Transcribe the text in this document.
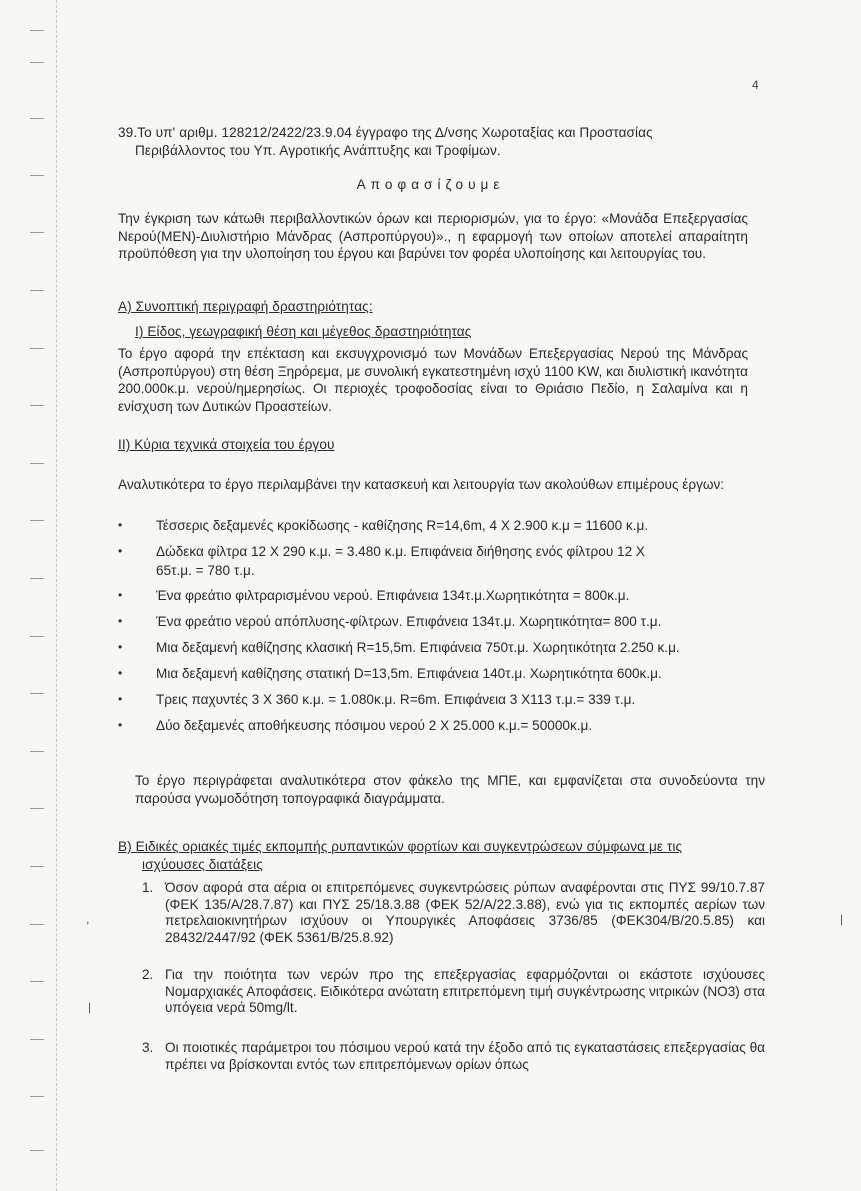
4
39.Το υπ' αριθμ. 128212/2422/23.9.04 έγγραφο της Δ/νσης Χωροταξίας και Προστασίας
Περιβάλλοντος του Υπ. Αγροτικής Ανάπτυξης και Τροφίμων.
Αποφασίζουμε
Την έγκριση των κάτωθι περιβαλλοντικών όρων και περιορισμών, για το έργο: «Μονάδα Επεξεργασίας Νερού(ΜΕΝ)-Διυλιστήριο Μάνδρας (Ασπροπύργου)»., η εφαρμογή των οποίων αποτελεί απαραίτητη προϋπόθεση για την υλοποίηση του έργου και βαρύνει τον φορέα υλοποίησης και λειτουργίας του.
Α) Συνοπτική περιγραφή δραστηριότητας:
Ι) Είδος, γεωγραφική θέση και μέγεθος δραστηριότητας
Το έργο αφορά την επέκταση και εκσυγχρονισμό των Μονάδων Επεξεργασίας Νερού της Μάνδρας (Ασπροπύργου) στη θέση Ξηρόρεμα, με συνολική εγκατεστημένη ισχύ 1100 KW, και διυλιστική ικανότητα 200.000κ.μ. νερού/ημερησίως. Οι περιοχές τροφοδοσίας είναι το Θριάσιο Πεδίο, η Σαλαμίνα και η ενίσχυση των Δυτικών Προαστείων.
ΙΙ) Κύρια τεχνικά στοιχεία του έργου
Αναλυτικότερα το έργο περιλαμβάνει την κατασκευή και λειτουργία των ακολούθων επιμέρους έργων:
• Τέσσερις δεξαμενές κροκίδωσης - καθίζησης R=14,6m, 4 X 2.900 κ.μ = 11600 κ.μ.
• Δώδεκα φίλτρα 12 Χ 290 κ.μ. = 3.480 κ.μ. Επιφάνεια διήθησης ενός φίλτρου 12 Χ
65τ.μ. = 780 τ.μ.
• Ένα φρεάτιο φιλτραρισμένου νερού. Επιφάνεια 134τ.μ.Χωρητικότητα = 800κ.μ.
• Ένα φρεάτιο νερού απόπλυσης-φίλτρων. Επιφάνεια 134τ.μ. Χωρητικότητα= 800 τ.μ.
• Μια δεξαμενή καθίζησης κλασική R=15,5m. Επιφάνεια 750τ.μ. Χωρητικότητα 2.250 κ.μ.
• Μια δεξαμενή καθίζησης στατική D=13,5m. Επιφάνεια 140τ.μ. Χωρητικότητα 600κ.μ.
• Τρεις παχυντές 3 Χ 360 κ.μ. = 1.080κ.μ. R=6m. Επιφάνεια 3 Χ113 τ.μ.= 339 τ.μ.
• Δύο δεξαμενές αποθήκευσης πόσιμου νερού 2 Χ 25.000 κ.μ.= 50000κ.μ.
Το έργο περιγράφεται αναλυτικότερα στον φάκελο της ΜΠΕ, και εμφανίζεται στα συνοδεύοντα την παρούσα γνωμοδότηση τοπογραφικά διαγράμματα.
Β) Ειδικές οριακές τιμές εκπομπής ρυπαντικών φορτίων και συγκεντρώσεων σύμφωνα με τις
ισχύουσες διατάξεις
1. Όσον αφορά στα αέρια οι επιτρεπόμενες συγκεντρώσεις ρύπων αναφέρονται στις ΠΥΣ 99/10.7.87 (ΦΕΚ 135/Α/28.7.87) και ΠΥΣ 25/18.3.88 (ΦΕΚ 52/Α/22.3.88), ενώ για τις εκπομπές αερίων των πετρελαιοκινητήρων ισχύουν οι Υπουργικές Αποφάσεις 3736/85 (ΦΕΚ304/Β/20.5.85) και 28432/2447/92 (ΦΕΚ 5361/Β/25.8.92)
2. Για την ποιότητα των νερών προ της επεξεργασίας εφαρμόζονται οι εκάστοτε ισχύουσες Νομαρχιακές Αποφάσεις. Ειδικότερα ανώτατη επιτρεπόμενη τιμή συγκέντρωσης νιτρικών (ΝΟ3) στα υπόγεια νερά 50mg/lt.
3. Οι ποιοτικές παράμετροι του πόσιμου νερού κατά την έξοδο από τις εγκαταστάσεις επεξεργασίας θα πρέπει να βρίσκονται εντός των επιτρεπόμενων ορίων όπως
,	|
|
